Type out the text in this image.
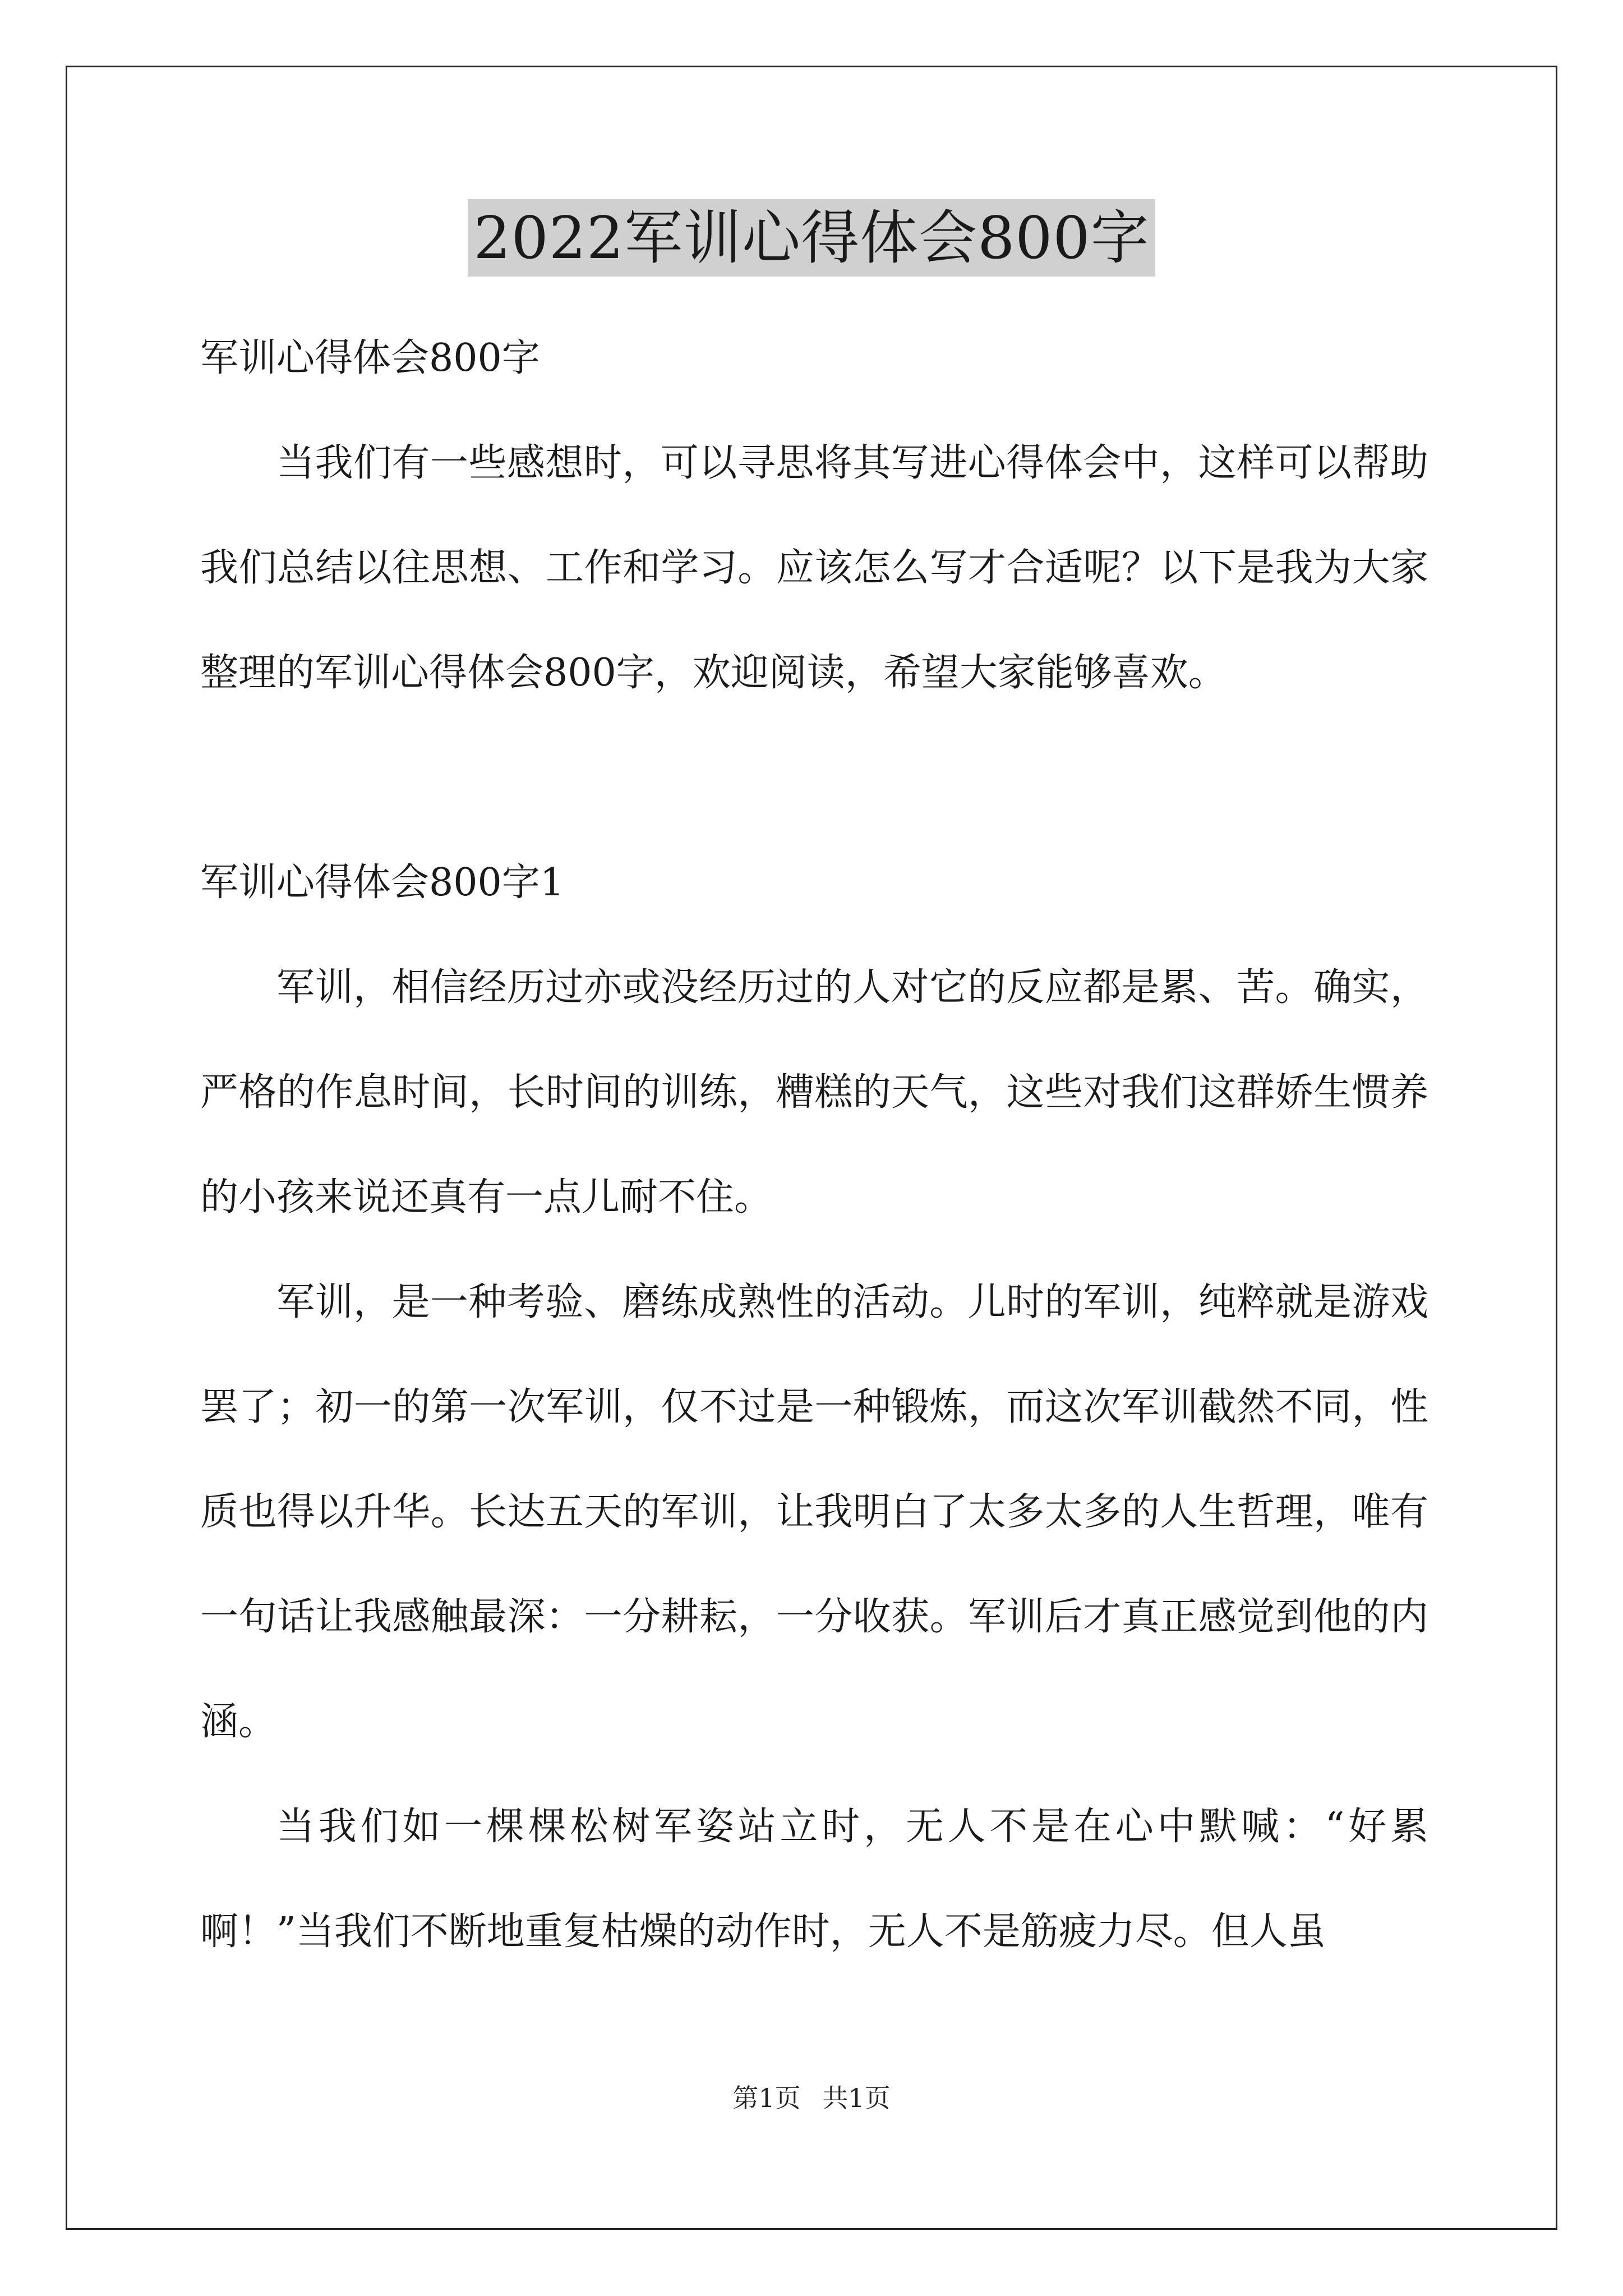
2022军训心得体会800字

军训心得体会800字

当我们有一些感想时，可以寻思将其写进心得体会中，这样可以帮助我们总结以往思想、工作和学习。应该怎么写才合适呢？以下是我为大家整理的军训心得体会800字，欢迎阅读，希望大家能够喜欢。

军训心得体会800字1

军训，相信经历过亦或没经历过的人对它的反应都是累、苦。确实，严格的作息时间，长时间的训练，糟糕的天气，这些对我们这群娇生惯养的小孩来说还真有一点儿耐不住。

军训，是一种考验、磨练成熟性的活动。儿时的军训，纯粹就是游戏罢了；初一的第一次军训，仅不过是一种锻炼，而这次军训截然不同，性质也得以升华。长达五天的军训，让我明白了太多太多的人生哲理，唯有一句话让我感触最深：一分耕耘，一分收获。军训后才真正感觉到他的内涵。

当我们如一棵棵松树军姿站立时，无人不是在心中默喊：“好累啊！”当我们不断地重复枯燥的动作时，无人不是筋疲力尽。但人虽

第1页 共1页
